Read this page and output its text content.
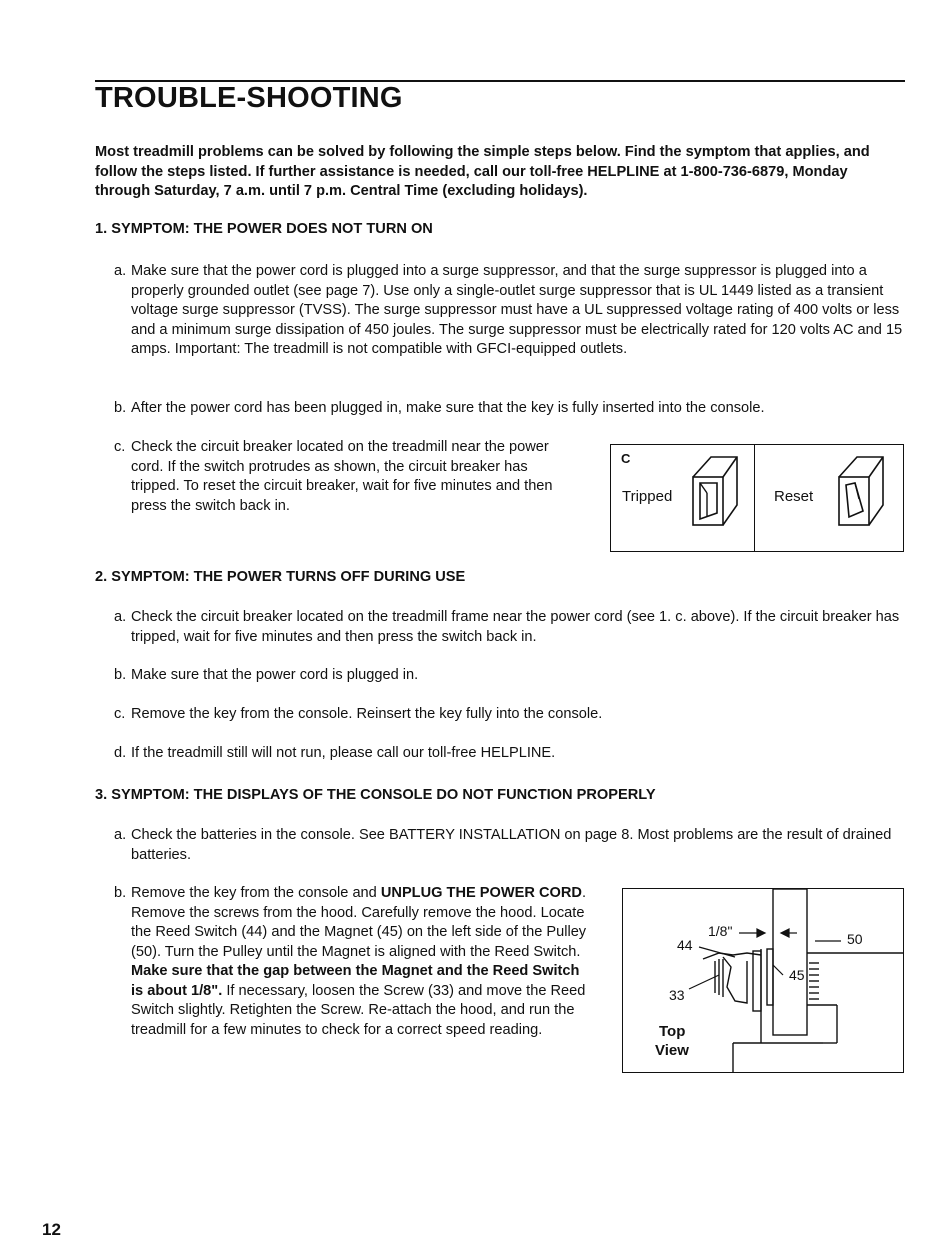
TROUBLE-SHOOTING
Most treadmill problems can be solved by following the simple steps below. Find the symptom that applies, and follow the steps listed. If further assistance is needed, call our toll-free HELPLINE at 1-800-736-6879, Monday through Saturday, 7 a.m. until 7 p.m. Central Time (excluding holidays).
1. SYMPTOM: THE POWER DOES NOT TURN ON
a. Make sure that the power cord is plugged into a surge suppressor, and that the surge suppressor is plugged into a properly grounded outlet (see page 7). Use only a single-outlet surge suppressor that is UL 1449 listed as a transient voltage surge suppressor (TVSS). The surge suppressor must have a UL suppressed voltage rating of 400 volts or less and a minimum surge dissipation of 450 joules. The surge suppressor must be electrically rated for 120 volts AC and 15 amps. Important: The treadmill is not compatible with GFCI-equipped outlets.
b. After the power cord has been plugged in, make sure that the key is fully inserted into the console.
c. Check the circuit breaker located on the treadmill near the power cord. If the switch protrudes as shown, the circuit breaker has tripped. To reset the circuit breaker, wait for five minutes and then press the switch back in.
C
Tripped	Reset
2. SYMPTOM: THE POWER TURNS OFF DURING USE
a. Check the circuit breaker located on the treadmill frame near the power cord (see 1. c. above). If the circuit breaker has tripped, wait for five minutes and then press the switch back in.
b. Make sure that the power cord is plugged in.
c. Remove the key from the console. Reinsert the key fully into the console.
d. If the treadmill still will not run, please call our toll-free HELPLINE.
3. SYMPTOM: THE DISPLAYS OF THE CONSOLE DO NOT FUNCTION PROPERLY
a. Check the batteries in the console. See BATTERY INSTALLATION on page 8. Most problems are the result of drained batteries.
b. Remove the key from the console and UNPLUG THE POWER CORD. Remove the screws from the hood. Carefully remove the hood. Locate the Reed Switch (44) and the Magnet (45) on the left side of the Pulley (50). Turn the Pulley until the Magnet is aligned with the Reed Switch. Make sure that the gap between the Magnet and the Reed Switch is about 1/8". If necessary, loosen the Screw (33) and move the Reed Switch slightly. Retighten the Screw. Re-attach the hood, and run the treadmill for a few minutes to check for a correct speed reading.
1/8"
44	50
45
33
Top
View
12
